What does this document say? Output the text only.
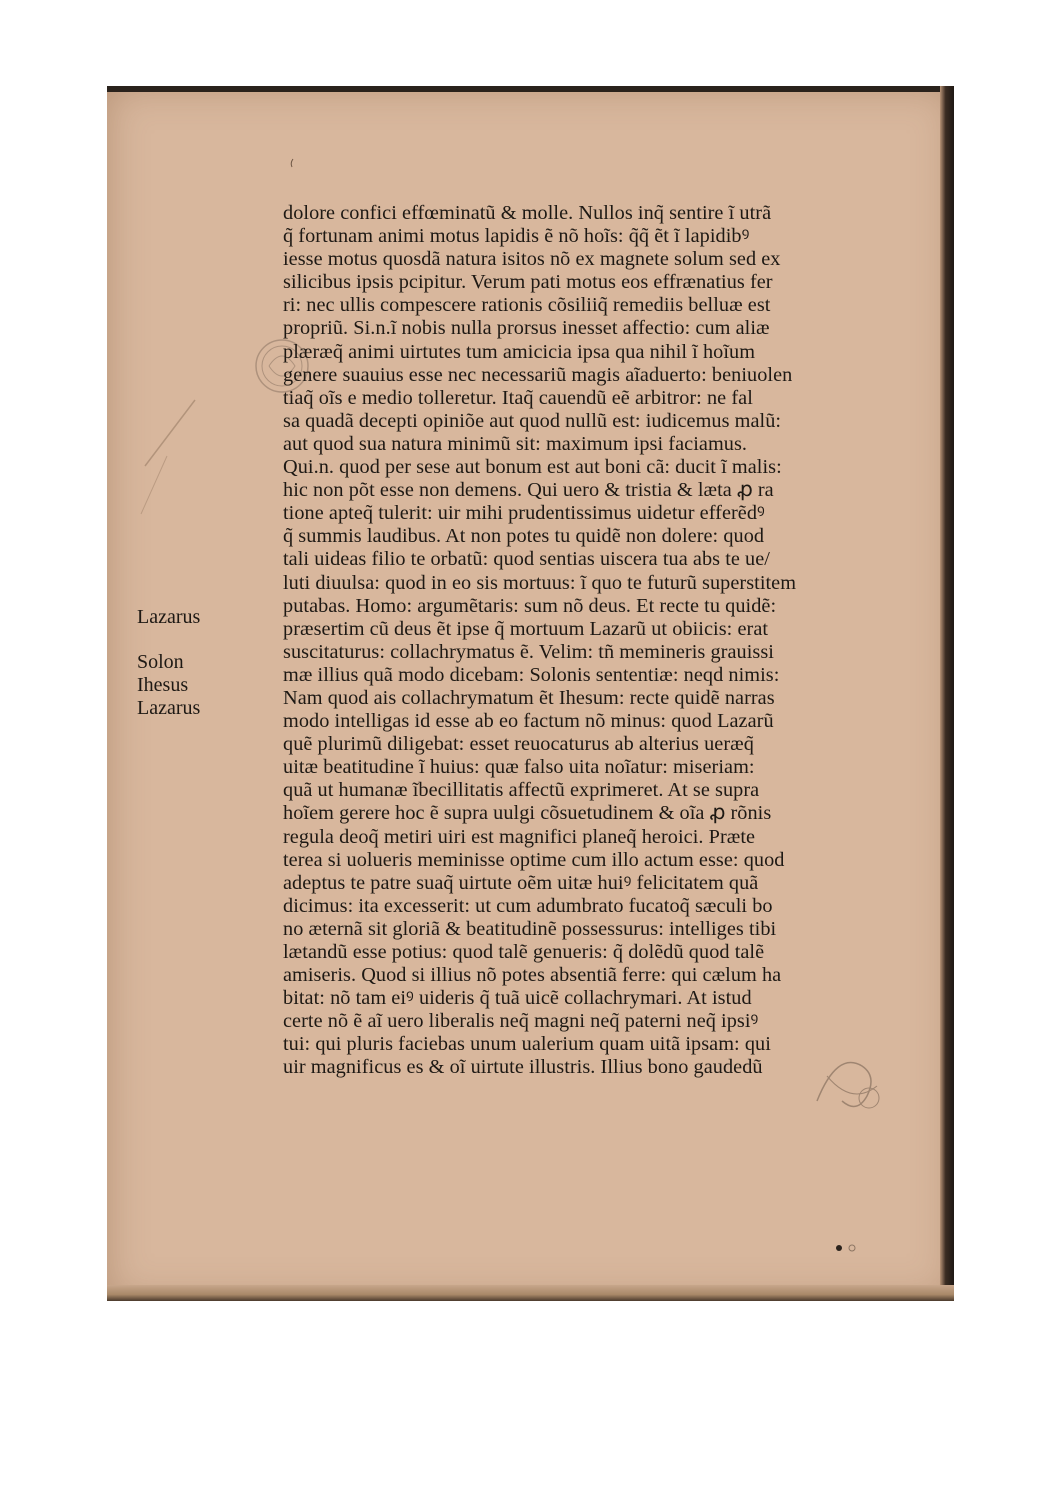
Lazarus
Solon
Ihesus
Lazarus
dolore confici effœminatũ & molle. Nullos inq̃ sentire ĩ utrã
q̃ fortunam animi motus lapidis ẽ nõ hoĩs: q̃q̃ ẽt ĩ lapidibꝰ
iesse motus quosdã natura isitos nõ ex magnete solum sed ex
silicibus ipsis pcipitur. Verum pati motus eos effrænatius fer
ri: nec ullis compescere rationis cõsiliiq̃ remediis belluæ est
propriũ. Si.n.ĩ nobis nulla prorsus inesset affectio: cum aliæ
plæræq̃ animi uirtutes tum amicicia ipsa qua nihil ĩ hoĩum
genere suauius esse nec necessariũ magis aĩaduerto: beniuolen
tiaq̃ oĩs e medio tolleretur. Itaq̃ cauendũ eẽ arbitror: ne fal
sa quadã decepti opiniõe aut quod nullũ est: iudicemus malũ:
aut quod sua natura minimũ sit: maximum ipsi faciamus.
Qui.n. quod per sese aut bonum est aut boni cã: ducit ĩ malis:
hic non põt esse non demens. Qui uero & tristia & læta ꝓ ra
tione apteq̃ tulerit: uir mihi prudentissimus uidetur efferẽdꝰ
q̃ summis laudibus. At non potes tu quidẽ non dolere: quod
tali uideas filio te orbatũ: quod sentias uiscera tua abs te ue/
luti diuulsa: quod in eo sis mortuus: ĩ quo te futurũ superstitem
putabas. Homo: argumẽtaris: sum nõ deus. Et recte tu quidẽ:
præsertim cũ deus ẽt ipse q̃ mortuum Lazarũ ut obiicis: erat
suscitaturus: collachrymatus ẽ. Velim: tñ memineris grauissi
mæ illius quã modo dicebam: Solonis sententiæ: neqd nimis:
Nam quod ais collachrymatum ẽt Ihesum: recte quidẽ narras
modo intelligas id esse ab eo factum nõ minus: quod Lazarũ
quẽ plurimũ diligebat: esset reuocaturus ab alterius ueræq̃
uitæ beatitudine ĩ huius: quæ falso uita noĩatur: miseriam:
quã ut humanæ ĩbecillitatis affectũ exprimeret. At se supra
hoĩem gerere hoc ẽ supra uulgi cõsuetudinem & oĩa ꝓ rõnis
regula deoq̃ metiri uiri est magnifici planeq̃ heroici. Præte
terea si uolueris meminisse optime cum illo actum esse: quod
adeptus te patre suaq̃ uirtute oẽm uitæ huiꝰ felicitatem quã
dicimus: ita excesserit: ut cum adumbrato fucatoq̃ sæculi bo
no æternã sit gloriã & beatitudinẽ possessurus: intelliges tibi
lætandũ esse potius: quod talẽ genueris: q̃ dolẽdũ quod talẽ
amiseris. Quod si illius nõ potes absentiã ferre: qui cælum ha
bitat: nõ tam eiꝰ uideris q̃ tuã uicẽ collachrymari. At istud
certe nõ ẽ aĩ uero liberalis neq̃ magni neq̃ paterni neq̃ ipsiꝰ
tui: qui pluris faciebas unum ualerium quam uitã ipsam: qui
uir magnificus es & oĩ uirtute illustris. Illius bono gaudedũ
